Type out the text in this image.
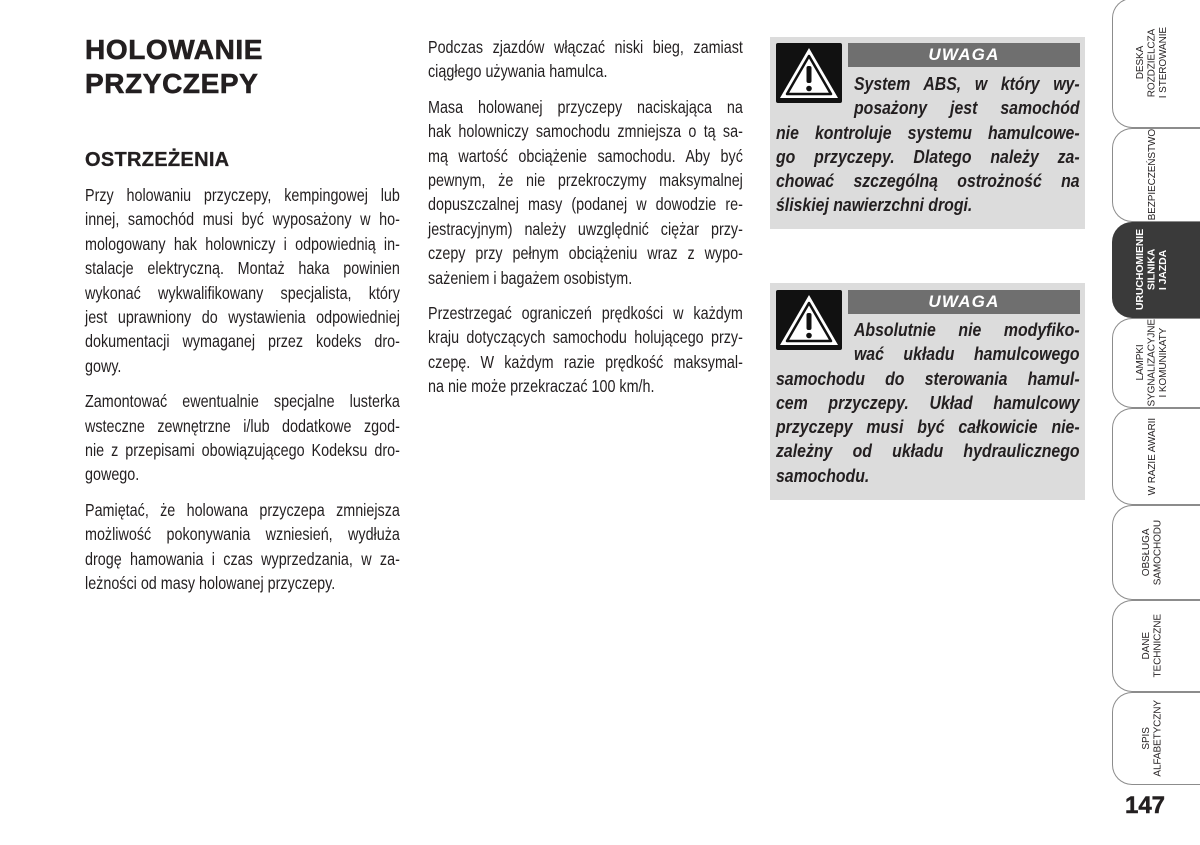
HOLOWANIE
PRZYCZEPY
OSTRZEŻENIA
Przy holowaniu przyczepy, kempingowej lub
innej, samochód musi być wyposażony w ho-
mologowany hak holowniczy i odpowiednią in-
stalacje elektryczną. Montaż haka powinien
wykonać wykwalifikowany specjalista, który
jest uprawniony do wystawienia odpowiedniej
dokumentacji wymaganej przez kodeks dro-
gowy.
Zamontować ewentualnie specjalne lusterka
wsteczne zewnętrzne i/lub dodatkowe zgod-
nie z przepisami obowiązującego Kodeksu dro-
gowego.
Pamiętać, że holowana przyczepa zmniejsza
możliwość pokonywania wzniesień, wydłuża
drogę hamowania i czas wyprzedzania, w za-
leżności od masy holowanej przyczepy.
Podczas zjazdów włączać niski bieg, zamiast
ciągłego używania hamulca.
Masa holowanej przyczepy naciskająca na
hak holowniczy samochodu zmniejsza o tą sa-
mą wartość obciążenie samochodu. Aby być
pewnym, że nie przekroczymy maksymalnej
dopuszczalnej masy (podanej w dowodzie re-
jestracyjnym) należy uwzględnić ciężar przy-
czepy przy pełnym obciążeniu wraz z wypo-
sażeniem i bagażem osobistym.
Przestrzegać ograniczeń prędkości w każdym
kraju dotyczących samochodu holującego przy-
czepę. W każdym razie prędkość maksymal-
na nie może przekraczać 100 km/h.
UWAGA
System ABS, w który wy-
posażony jest samochód
nie kontroluje systemu hamulcowe-
go przyczepy. Dlatego należy za-
chować szczególną ostrożność na
śliskiej nawierzchni drogi.
UWAGA
Absolutnie nie modyfiko-
wać układu hamulcowego
samochodu do sterowania hamul-
cem przyczepy. Układ hamulcowy
przyczepy musi być całkowicie nie-
zależny od układu hydraulicznego
samochodu.
DESKA ROZDZIELCZA I STEROWANIE
BEZPIECZEŃSTWO
URUCHOMIENIE SILNIKA I JAZDA
LAMPKI SYGNALIZACYJNE I KOMUNIKATY
W RAZIE AWARII
OBSŁUGA SAMOCHODU
DANE TECHNICZNE
SPIS ALFABETYCZNY
147
